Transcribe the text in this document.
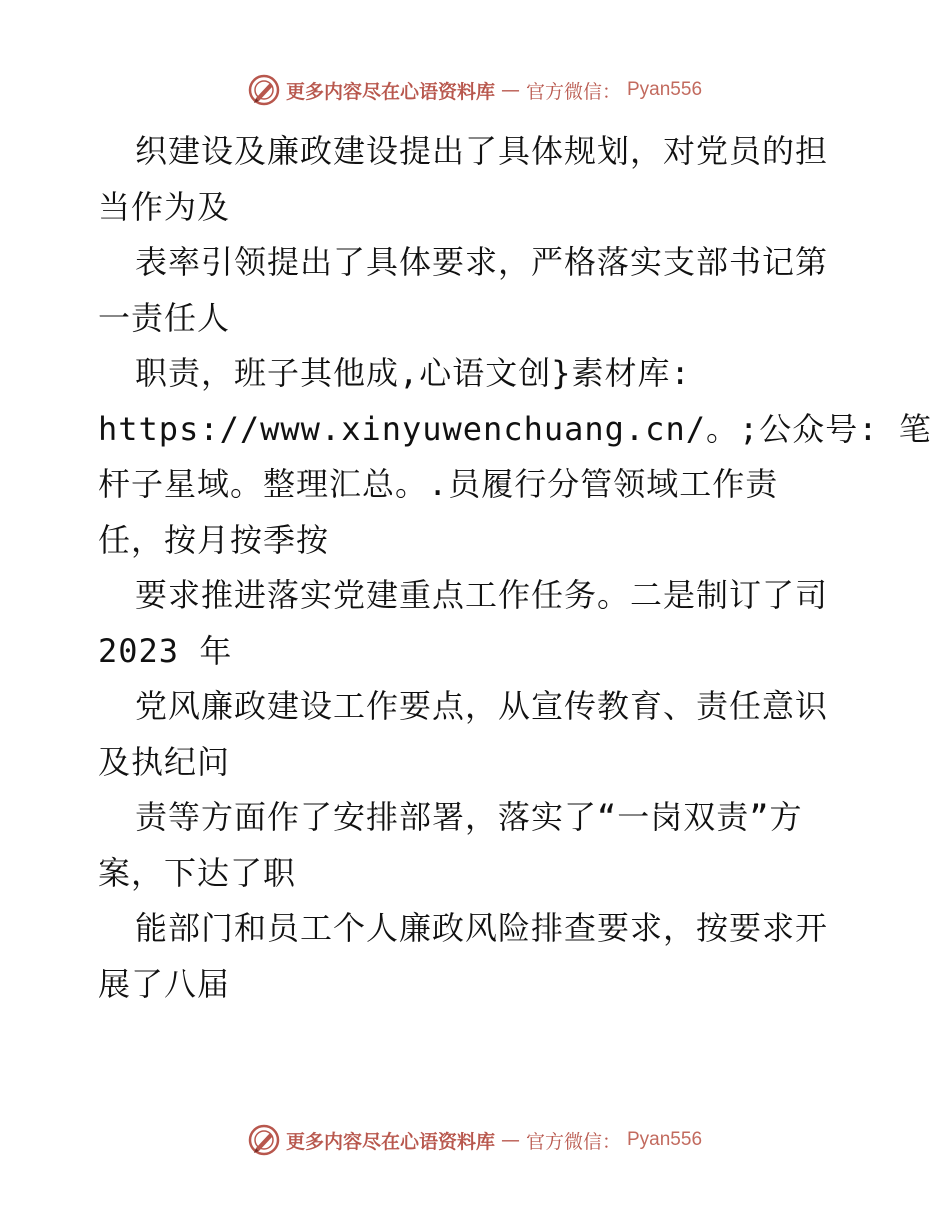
更多内容尽在心语资料库 — 官方微信： Pyan556
织建设及廉政建设提出了具体规划，对党员的担
当作为及
表率引领提出了具体要求，严格落实支部书记第
一责任人
职责，班子其他成,心语文创}素材库:
https://www.xinyuwenchuang.cn/。;公众号: 笔
杆子星域。整理汇总。.员履行分管领域工作责
任，按月按季按
要求推进落实党建重点工作任务。二是制订了司
2023 年
党风廉政建设工作要点，从宣传教育、责任意识
及执纪问
责等方面作了安排部署，落实了“一岗双责”方
案，下达了职
能部门和员工个人廉政风险排查要求，按要求开
展了八届
更多内容尽在心语资料库 — 官方微信： Pyan556
